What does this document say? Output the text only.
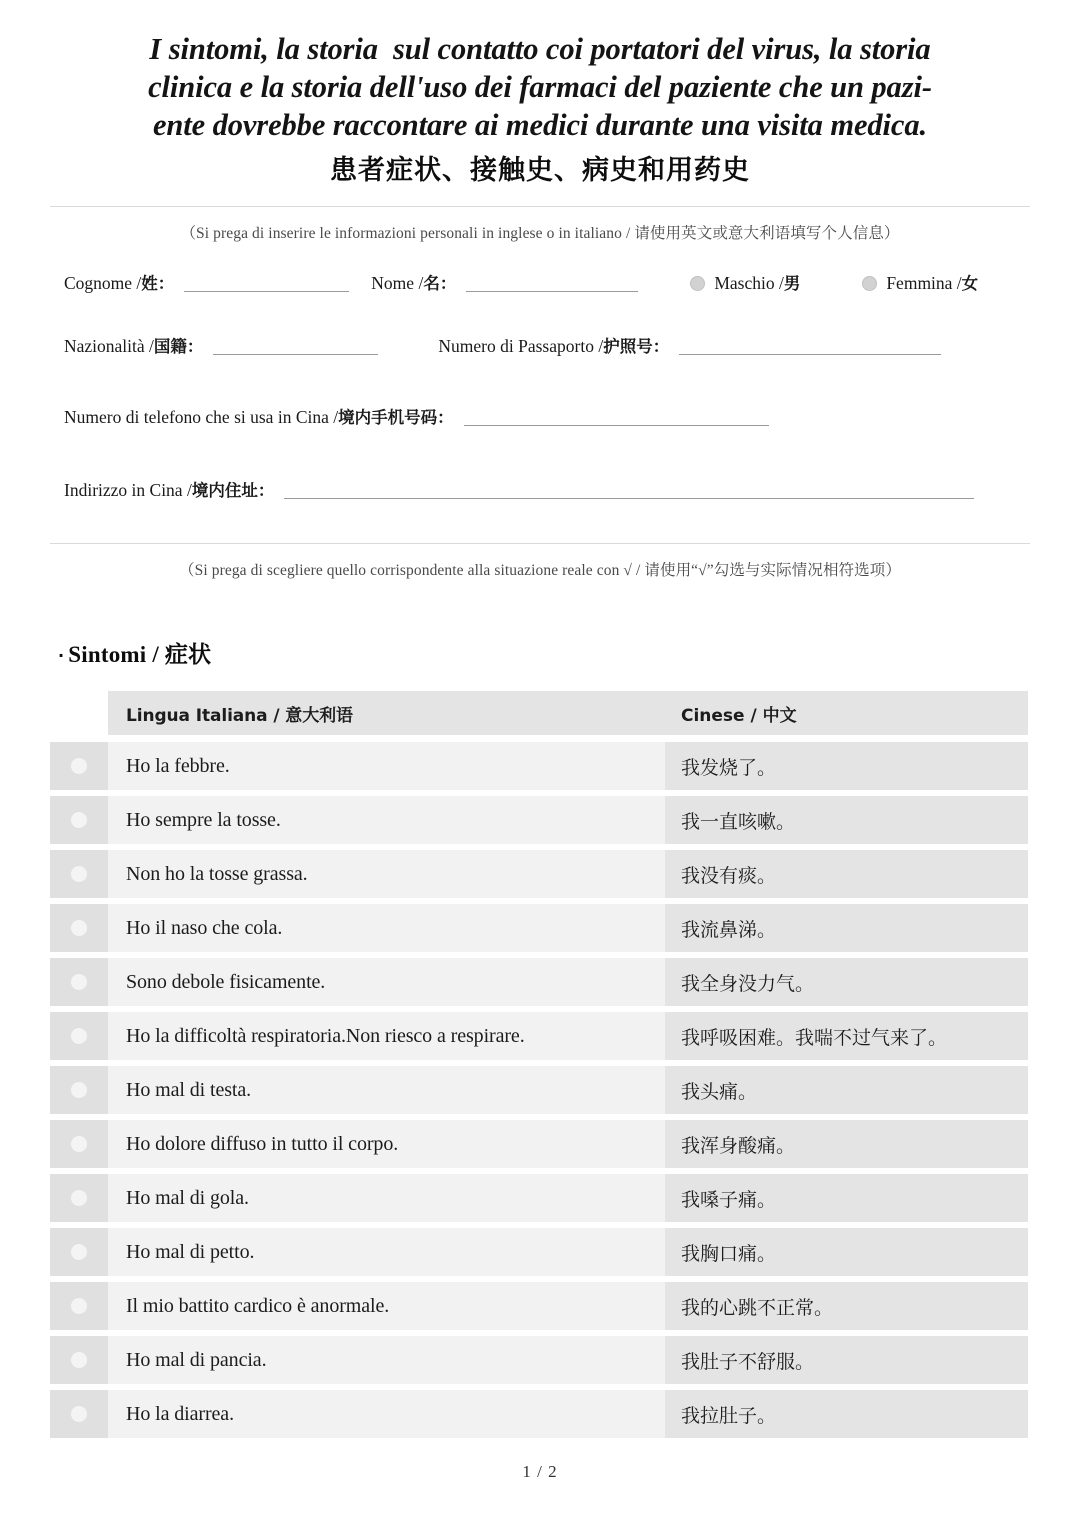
I sintomi, la storia  sul contatto coi portatori del virus, la storia
clinica e la storia dell'uso dei farmaci del paziente che un pazi-
ente dovrebbe raccontare ai medici durante una visita medica.
患者症状、接触史、病史和用药史
（Si prega di inserire le informazioni personali in inglese o in italiano / 请使用英文或意大利语填写个人信息）
Cognome /姓：	Nome /名：	Maschio /男	Femmina /女
Nazionalità /国籍：	Numero di Passaporto /护照号：
Numero di telefono che si usa in Cina /境内手机号码：
Indirizzo in Cina /境内住址：
（Si prega di scegliere quello corrispondente alla situazione reale con √ / 请使用“√”勾选与实际情况相符选项）
· Sintomi / 症状
Lingua Italiana / 意大利语	Cinese / 中文
Ho la febbre.	我发烧了。
Ho sempre la tosse.	我一直咳嗽。
Non ho la tosse grassa.	我没有痰。
Ho il naso che cola.	我流鼻涕。
Sono debole fisicamente.	我全身没力气。
Ho la difficoltà respiratoria.Non riesco a respirare.	我呼吸困难。我喘不过气来了。
Ho mal di testa.	我头痛。
Ho dolore diffuso in tutto il corpo.	我浑身酸痛。
Ho mal di gola.	我嗓子痛。
Ho mal di petto.	我胸口痛。
Il mio battito cardico è anormale.	我的心跳不正常。
Ho mal di pancia.	我肚子不舒服。
Ho la diarrea.	我拉肚子。
1 / 2
